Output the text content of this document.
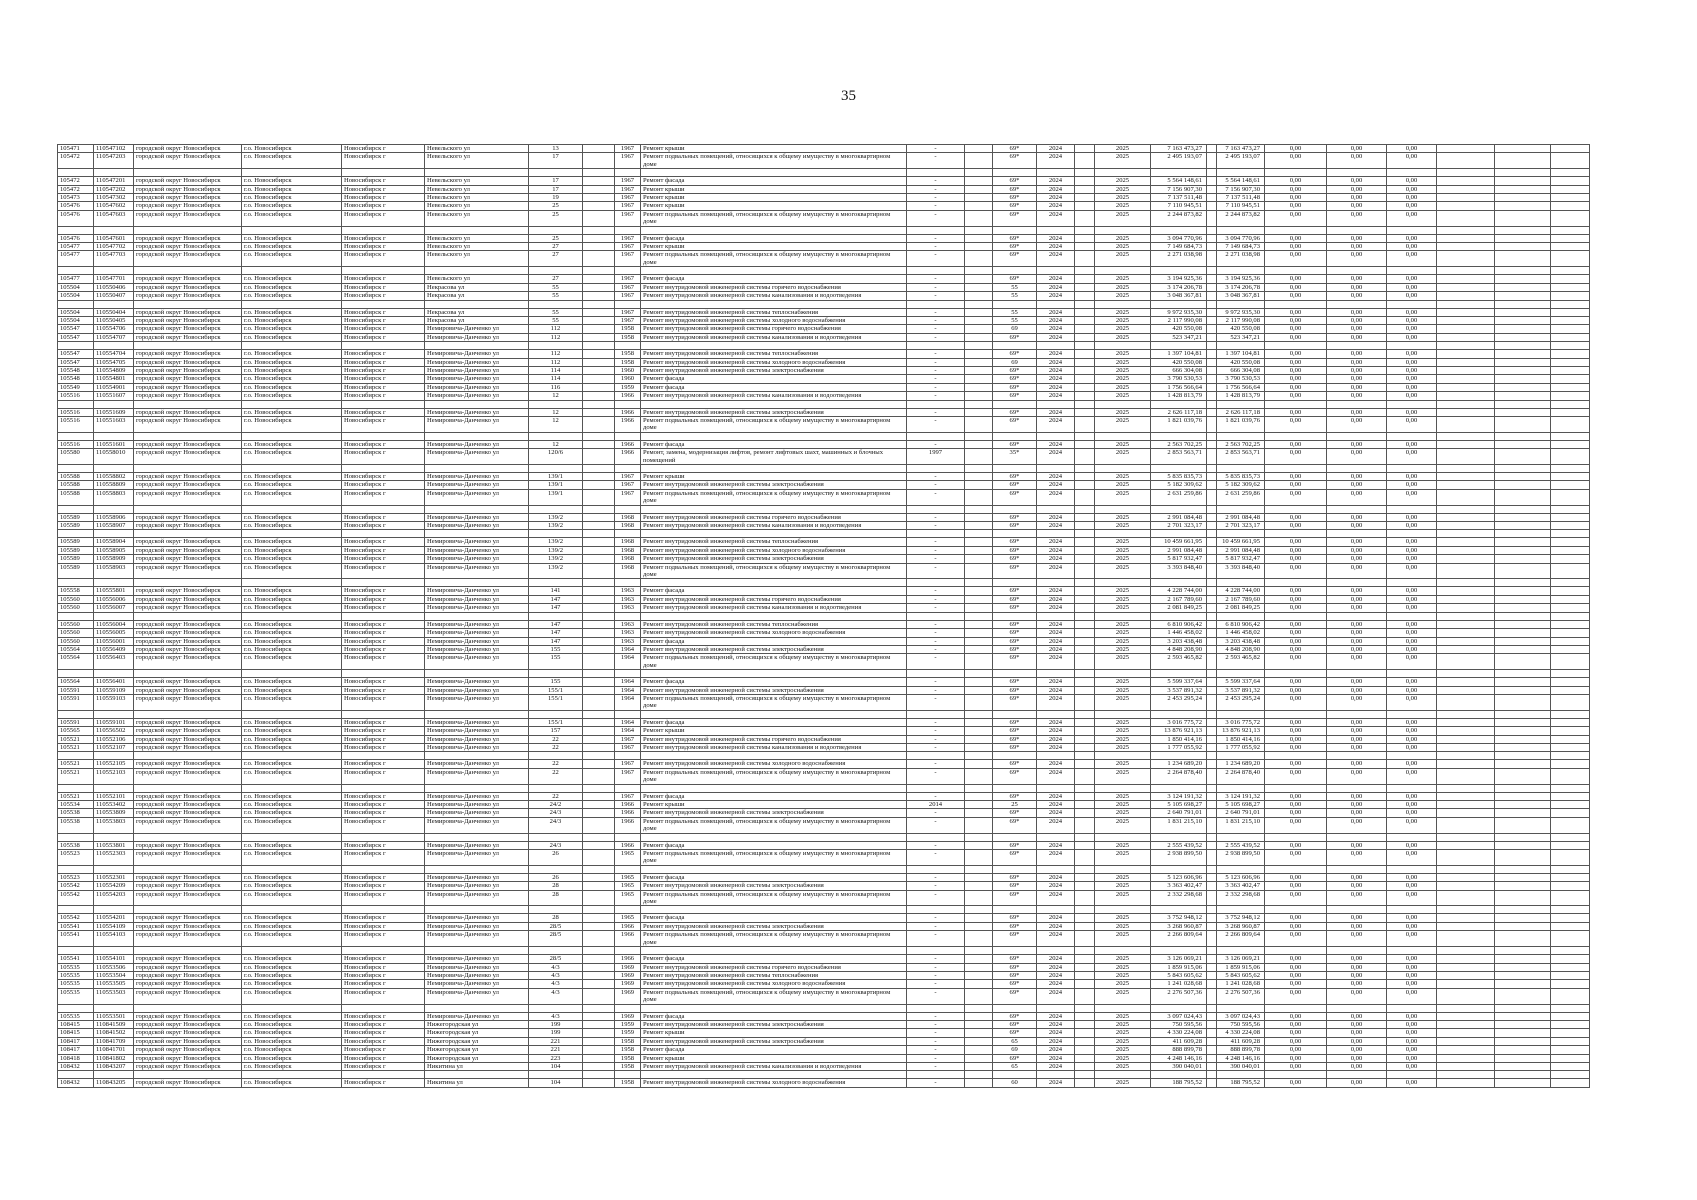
35
105471	110547102	городской округ Новосибирск	г.о. Новосибирск	Новосибирск г	Невельского ул	13		1967	Ремонт крыши	-		69*	2024		2025	7 163 473,27		7 163 473,27	0,00	0,00	0,00			
105472	110547203	городской округ Новосибирск	г.о. Новосибирск	Новосибирск г	Невельского ул	17		1967	Ремонт подвальных помещений, относящихся к общему имуществу в многоквартирном доме	-		69*	2024		2025	2 495 193,07		2 495 193,07	0,00	0,00	0,00			

105472	110547201	городской округ Новосибирск	г.о. Новосибирск	Новосибирск г	Невельского ул	17		1967	Ремонт фасада	-		69*	2024		2025	5 564 148,61		5 564 148,61	0,00	0,00	0,00			
105472	110547202	городской округ Новосибирск	г.о. Новосибирск	Новосибирск г	Невельского ул	17		1967	Ремонт крыши	-		69*	2024		2025	7 156 907,30		7 156 907,30	0,00	0,00	0,00			
105473	110547302	городской округ Новосибирск	г.о. Новосибирск	Новосибирск г	Невельского ул	19		1967	Ремонт крыши	-		69*	2024		2025	7 137 511,48		7 137 511,48	0,00	0,00	0,00			
105476	110547602	городской округ Новосибирск	г.о. Новосибирск	Новосибирск г	Невельского ул	25		1967	Ремонт крыши	-		69*	2024		2025	7 110 945,51		7 110 945,51	0,00	0,00	0,00			
105476	110547603	городской округ Новосибирск	г.о. Новосибирск	Новосибирск г	Невельского ул	25		1967	Ремонт подвальных помещений, относящихся к общему имуществу в многоквартирном доме	-		69*	2024		2025	2 244 873,82		2 244 873,82	0,00	0,00	0,00			

105476	110547601	городской округ Новосибирск	г.о. Новосибирск	Новосибирск г	Невельского ул	25		1967	Ремонт фасада	-		69*	2024		2025	3 094 770,96		3 094 770,96	0,00	0,00	0,00			
105477	110547702	городской округ Новосибирск	г.о. Новосибирск	Новосибирск г	Невельского ул	27		1967	Ремонт крыши	-		69*	2024		2025	7 149 684,73		7 149 684,73	0,00	0,00	0,00			
105477	110547703	городской округ Новосибирск	г.о. Новосибирск	Новосибирск г	Невельского ул	27		1967	Ремонт подвальных помещений, относящихся к общему имуществу в многоквартирном доме	-		69*	2024		2025	2 271 038,98		2 271 038,98	0,00	0,00	0,00			

105477	110547701	городской округ Новосибирск	г.о. Новосибирск	Новосибирск г	Невельского ул	27		1967	Ремонт фасада	-		69*	2024		2025	3 194 925,36		3 194 925,36	0,00	0,00	0,00			
105504	110550406	городской округ Новосибирск	г.о. Новосибирск	Новосибирск г	Некрасова ул	55		1967	Ремонт внутридомовой инженерной системы горячего водоснабжения	-		55	2024		2025	3 174 206,78		3 174 206,78	0,00	0,00	0,00			
105504	110550407	городской округ Новосибирск	г.о. Новосибирск	Новосибирск г	Некрасова ул	55		1967	Ремонт внутридомовой инженерной системы канализования и водоотведения	-		55	2024		2025	3 048 367,81		3 048 367,81	0,00	0,00	0,00			

105504	110550404	городской округ Новосибирск	г.о. Новосибирск	Новосибирск г	Некрасова ул	55		1967	Ремонт внутридомовой инженерной системы теплоснабжения	-		55	2024		2025	9 972 935,30		9 972 935,30	0,00	0,00	0,00			
105504	110550405	городской округ Новосибирск	г.о. Новосибирск	Новосибирск г	Некрасова ул	55		1967	Ремонт внутридомовой инженерной системы холодного водоснабжения	-		55	2024		2025	2 117 990,08		2 117 990,08	0,00	0,00	0,00			
105547	110554706	городской округ Новосибирск	г.о. Новосибирск	Новосибирск г	Немировича-Данченко ул	112		1958	Ремонт внутридомовой инженерной системы горячего водоснабжения	-		69	2024		2025	420 550,08		420 550,08	0,00	0,00	0,00			
105547	110554707	городской округ Новосибирск	г.о. Новосибирск	Новосибирск г	Немировича-Данченко ул	112		1958	Ремонт внутридомовой инженерной системы канализования и водоотведения	-		69*	2024		2025	523 347,21		523 347,21	0,00	0,00	0,00			

105547	110554704	городской округ Новосибирск	г.о. Новосибирск	Новосибирск г	Немировича-Данченко ул	112		1958	Ремонт внутридомовой инженерной системы теплоснабжения	-		69*	2024		2025	1 397 104,81		1 397 104,81	0,00	0,00	0,00			
105547	110554705	городской округ Новосибирск	г.о. Новосибирск	Новосибирск г	Немировича-Данченко ул	112		1958	Ремонт внутридомовой инженерной системы холодного водоснабжения	-		69	2024		2025	420 550,08		420 550,08	0,00	0,00	0,00			
105548	110554809	городской округ Новосибирск	г.о. Новосибирск	Новосибирск г	Немировича-Данченко ул	114		1960	Ремонт внутридомовой инженерной системы электроснабжения	-		69*	2024		2025	666 304,08		666 304,08	0,00	0,00	0,00			
105548	110554801	городской округ Новосибирск	г.о. Новосибирск	Новосибирск г	Немировича-Данченко ул	114		1960	Ремонт фасада	-		69*	2024		2025	3 790 530,53		3 790 530,53	0,00	0,00	0,00			
105549	110554901	городской округ Новосибирск	г.о. Новосибирск	Новосибирск г	Немировича-Данченко ул	116		1959	Ремонт фасада	-		69*	2024		2025	1 756 566,64		1 756 566,64	0,00	0,00	0,00			
105516	110551607	городской округ Новосибирск	г.о. Новосибирск	Новосибирск г	Немировича-Данченко ул	12		1966	Ремонт внутридомовой инженерной системы канализования и водоотведения	-		69*	2024		2025	1 428 813,79		1 428 813,79	0,00	0,00	0,00			

105516	110551609	городской округ Новосибирск	г.о. Новосибирск	Новосибирск г	Немировича-Данченко ул	12		1966	Ремонт внутридомовой инженерной системы электроснабжения	-		69*	2024		2025	2 626 117,18		2 626 117,18	0,00	0,00	0,00			
105516	110551603	городской округ Новосибирск	г.о. Новосибирск	Новосибирск г	Немировича-Данченко ул	12		1966	Ремонт подвальных помещений, относящихся к общему имуществу в многоквартирном доме	-		69*	2024		2025	1 821 039,76		1 821 039,76	0,00	0,00	0,00			

105516	110551601	городской округ Новосибирск	г.о. Новосибирск	Новосибирск г	Немировича-Данченко ул	12		1966	Ремонт фасада	-		69*	2024		2025	2 563 702,25		2 563 702,25	0,00	0,00	0,00			
105580	110558010	городской округ Новосибирск	г.о. Новосибирск	Новосибирск г	Немировича-Данченко ул	120/6		1966	Ремонт, замена, модернизация лифтов, ремонт лифтовых шахт, машинных и блочных помещений	1997		35*	2024		2025	2 853 563,71		2 853 563,71	0,00	0,00	0,00			

105588	110558802	городской округ Новосибирск	г.о. Новосибирск	Новосибирск г	Немировича-Данченко ул	139/1		1967	Ремонт крыши	-		69*	2024		2025	5 835 835,73		5 835 835,73	0,00	0,00	0,00			
105588	110558809	городской округ Новосибирск	г.о. Новосибирск	Новосибирск г	Немировича-Данченко ул	139/1		1967	Ремонт внутридомовой инженерной системы электроснабжения	-		69*	2024		2025	5 182 309,62		5 182 309,62	0,00	0,00	0,00			
105588	110558803	городской округ Новосибирск	г.о. Новосибирск	Новосибирск г	Немировича-Данченко ул	139/1		1967	Ремонт подвальных помещений, относящихся к общему имуществу в многоквартирном доме	-		69*	2024		2025	2 631 259,86		2 631 259,86	0,00	0,00	0,00			

105589	110558906	городской округ Новосибирск	г.о. Новосибирск	Новосибирск г	Немировича-Данченко ул	139/2		1968	Ремонт внутридомовой инженерной системы горячего водоснабжения	-		69*	2024		2025	2 991 084,48		2 991 084,48	0,00	0,00	0,00			
105589	110558907	городской округ Новосибирск	г.о. Новосибирск	Новосибирск г	Немировича-Данченко ул	139/2		1968	Ремонт внутридомовой инженерной системы канализования и водоотведения	-		69*	2024		2025	2 701 323,17		2 701 323,17	0,00	0,00	0,00			

105589	110558904	городской округ Новосибирск	г.о. Новосибирск	Новосибирск г	Немировича-Данченко ул	139/2		1968	Ремонт внутридомовой инженерной системы теплоснабжения	-		69*	2024		2025	10 459 661,95		10 459 661,95	0,00	0,00	0,00			
105589	110558905	городской округ Новосибирск	г.о. Новосибирск	Новосибирск г	Немировича-Данченко ул	139/2		1968	Ремонт внутридомовой инженерной системы холодного водоснабжения	-		69*	2024		2025	2 991 084,48		2 991 084,48	0,00	0,00	0,00			
105589	110558909	городской округ Новосибирск	г.о. Новосибирск	Новосибирск г	Немировича-Данченко ул	139/2		1968	Ремонт внутридомовой инженерной системы электроснабжения	-		69*	2024		2025	5 817 932,47		5 817 932,47	0,00	0,00	0,00			
105589	110558903	городской округ Новосибирск	г.о. Новосибирск	Новосибирск г	Немировича-Данченко ул	139/2		1968	Ремонт подвальных помещений, относящихся к общему имуществу в многоквартирном доме	-		69*	2024		2025	3 393 848,40		3 393 848,40	0,00	0,00	0,00			

105558	110555801	городской округ Новосибирск	г.о. Новосибирск	Новосибирск г	Немировича-Данченко ул	141		1963	Ремонт фасада	-		69*	2024		2025	4 228 744,00		4 228 744,00	0,00	0,00	0,00			
105560	110556006	городской округ Новосибирск	г.о. Новосибирск	Новосибирск г	Немировича-Данченко ул	147		1963	Ремонт внутридомовой инженерной системы горячего водоснабжения	-		69*	2024		2025	2 167 789,60		2 167 789,60	0,00	0,00	0,00			
105560	110556007	городской округ Новосибирск	г.о. Новосибирск	Новосибирск г	Немировича-Данченко ул	147		1963	Ремонт внутридомовой инженерной системы канализования и водоотведения	-		69*	2024		2025	2 081 849,25		2 081 849,25	0,00	0,00	0,00			

105560	110556004	городской округ Новосибирск	г.о. Новосибирск	Новосибирск г	Немировича-Данченко ул	147		1963	Ремонт внутридомовой инженерной системы теплоснабжения	-		69*	2024		2025	6 810 906,42		6 810 906,42	0,00	0,00	0,00			
105560	110556005	городской округ Новосибирск	г.о. Новосибирск	Новосибирск г	Немировича-Данченко ул	147		1963	Ремонт внутридомовой инженерной системы холодного водоснабжения	-		69*	2024		2025	1 446 458,02		1 446 458,02	0,00	0,00	0,00			
105560	110556001	городской округ Новосибирск	г.о. Новосибирск	Новосибирск г	Немировича-Данченко ул	147		1963	Ремонт фасада	-		69*	2024		2025	3 203 438,48		3 203 438,48	0,00	0,00	0,00			
105564	110556409	городской округ Новосибирск	г.о. Новосибирск	Новосибирск г	Немировича-Данченко ул	155		1964	Ремонт внутридомовой инженерной системы электроснабжения	-		69*	2024		2025	4 848 208,90		4 848 208,90	0,00	0,00	0,00			
105564	110556403	городской округ Новосибирск	г.о. Новосибирск	Новосибирск г	Немировича-Данченко ул	155		1964	Ремонт подвальных помещений, относящихся к общему имуществу в многоквартирном доме	-		69*	2024		2025	2 593 465,82		2 593 465,82	0,00	0,00	0,00			

105564	110556401	городской округ Новосибирск	г.о. Новосибирск	Новосибирск г	Немировича-Данченко ул	155		1964	Ремонт фасада	-		69*	2024		2025	5 599 337,64		5 599 337,64	0,00	0,00	0,00			
105591	110559109	городской округ Новосибирск	г.о. Новосибирск	Новосибирск г	Немировича-Данченко ул	155/1		1964	Ремонт внутридомовой инженерной системы электроснабжения	-		69*	2024		2025	3 537 891,32		3 537 891,32	0,00	0,00	0,00			
105591	110559103	городской округ Новосибирск	г.о. Новосибирск	Новосибирск г	Немировича-Данченко ул	155/1		1964	Ремонт подвальных помещений, относящихся к общему имуществу в многоквартирном доме	-		69*	2024		2025	2 453 295,24		2 453 295,24	0,00	0,00	0,00			

105591	110559101	городской округ Новосибирск	г.о. Новосибирск	Новосибирск г	Немировича-Данченко ул	155/1		1964	Ремонт фасада	-		69*	2024		2025	3 016 775,72		3 016 775,72	0,00	0,00	0,00			
105565	110556502	городской округ Новосибирск	г.о. Новосибирск	Новосибирск г	Немировича-Данченко ул	157		1964	Ремонт крыши	-		69*	2024		2025	13 876 921,13		13 876 921,13	0,00	0,00	0,00			
105521	110552106	городской округ Новосибирск	г.о. Новосибирск	Новосибирск г	Немировича-Данченко ул	22		1967	Ремонт внутридомовой инженерной системы горячего водоснабжения	-		69*	2024		2025	1 850 414,16		1 850 414,16	0,00	0,00	0,00			
105521	110552107	городской округ Новосибирск	г.о. Новосибирск	Новосибирск г	Немировича-Данченко ул	22		1967	Ремонт внутридомовой инженерной системы канализования и водоотведения	-		69*	2024		2025	1 777 055,92		1 777 055,92	0,00	0,00	0,00			

105521	110552105	городской округ Новосибирск	г.о. Новосибирск	Новосибирск г	Немировича-Данченко ул	22		1967	Ремонт внутридомовой инженерной системы холодного водоснабжения	-		69*	2024		2025	1 234 689,20		1 234 689,20	0,00	0,00	0,00			
105521	110552103	городской округ Новосибирск	г.о. Новосибирск	Новосибирск г	Немировича-Данченко ул	22		1967	Ремонт подвальных помещений, относящихся к общему имуществу в многоквартирном доме	-		69*	2024		2025	2 264 878,40		2 264 878,40	0,00	0,00	0,00			

105521	110552101	городской округ Новосибирск	г.о. Новосибирск	Новосибирск г	Немировича-Данченко ул	22		1967	Ремонт фасада	-		69*	2024		2025	3 124 191,32		3 124 191,32	0,00	0,00	0,00			
105534	110553402	городской округ Новосибирск	г.о. Новосибирск	Новосибирск г	Немировича-Данченко ул	24/2		1966	Ремонт крыши	2014		25	2024		2025	5 105 698,27		5 105 698,27	0,00	0,00	0,00			
105538	110553809	городской округ Новосибирск	г.о. Новосибирск	Новосибирск г	Немировича-Данченко ул	24/3		1966	Ремонт внутридомовой инженерной системы электроснабжения	-		69*	2024		2025	2 640 791,01		2 640 791,01	0,00	0,00	0,00			
105538	110553803	городской округ Новосибирск	г.о. Новосибирск	Новосибирск г	Немировича-Данченко ул	24/3		1966	Ремонт подвальных помещений, относящихся к общему имуществу в многоквартирном доме	-		69*	2024		2025	1 831 215,10		1 831 215,10	0,00	0,00	0,00			

105538	110553801	городской округ Новосибирск	г.о. Новосибирск	Новосибирск г	Немировича-Данченко ул	24/3		1966	Ремонт фасада	-		69*	2024		2025	2 555 439,52		2 555 439,52	0,00	0,00	0,00			
105523	110552303	городской округ Новосибирск	г.о. Новосибирск	Новосибирск г	Немировича-Данченко ул	26		1965	Ремонт подвальных помещений, относящихся к общему имуществу в многоквартирном доме	-		69*	2024		2025	2 938 899,50		2 938 899,50	0,00	0,00	0,00			

105523	110552301	городской округ Новосибирск	г.о. Новосибирск	Новосибирск г	Немировича-Данченко ул	26		1965	Ремонт фасада	-		69*	2024		2025	5 123 606,96		5 123 606,96	0,00	0,00	0,00			
105542	110554209	городской округ Новосибирск	г.о. Новосибирск	Новосибирск г	Немировича-Данченко ул	28		1965	Ремонт внутридомовой инженерной системы электроснабжения	-		69*	2024		2025	3 363 402,47		3 363 402,47	0,00	0,00	0,00			
105542	110554203	городской округ Новосибирск	г.о. Новосибирск	Новосибирск г	Немировича-Данченко ул	28		1965	Ремонт подвальных помещений, относящихся к общему имуществу в многоквартирном доме	-		69*	2024		2025	2 332 298,68		2 332 298,68	0,00	0,00	0,00			

105542	110554201	городской округ Новосибирск	г.о. Новосибирск	Новосибирск г	Немировича-Данченко ул	28		1965	Ремонт фасада	-		69*	2024		2025	3 752 948,12		3 752 948,12	0,00	0,00	0,00			
105541	110554109	городской округ Новосибирск	г.о. Новосибирск	Новосибирск г	Немировича-Данченко ул	28/5		1966	Ремонт внутридомовой инженерной системы электроснабжения	-		69*	2024		2025	3 268 960,87		3 268 960,87	0,00	0,00	0,00			
105541	110554103	городской округ Новосибирск	г.о. Новосибирск	Новосибирск г	Немировича-Данченко ул	28/5		1966	Ремонт подвальных помещений, относящихся к общему имуществу в многоквартирном доме	-		69*	2024		2025	2 266 809,64		2 266 809,64	0,00	0,00	0,00			

105541	110554101	городской округ Новосибирск	г.о. Новосибирск	Новосибирск г	Немировича-Данченко ул	28/5		1966	Ремонт фасада	-		69*	2024		2025	3 126 069,21		3 126 069,21	0,00	0,00	0,00			
105535	110553506	городской округ Новосибирск	г.о. Новосибирск	Новосибирск г	Немировича-Данченко ул	4/3		1969	Ремонт внутридомовой инженерной системы горячего водоснабжения	-		69*	2024		2025	1 859 915,06		1 859 915,06	0,00	0,00	0,00			
105535	110553504	городской округ Новосибирск	г.о. Новосибирск	Новосибирск г	Немировича-Данченко ул	4/3		1969	Ремонт внутридомовой инженерной системы теплоснабжения	-		69*	2024		2025	5 843 605,62		5 843 605,62	0,00	0,00	0,00			
105535	110553505	городской округ Новосибирск	г.о. Новосибирск	Новосибирск г	Немировича-Данченко ул	4/3		1969	Ремонт внутридомовой инженерной системы холодного водоснабжения	-		69*	2024		2025	1 241 028,68		1 241 028,68	0,00	0,00	0,00			
105535	110553503	городской округ Новосибирск	г.о. Новосибирск	Новосибирск г	Немировича-Данченко ул	4/3		1969	Ремонт подвальных помещений, относящихся к общему имуществу в многоквартирном доме	-		69*	2024		2025	2 276 507,36		2 276 507,36	0,00	0,00	0,00			

105535	110553501	городской округ Новосибирск	г.о. Новосибирск	Новосибирск г	Немировича-Данченко ул	4/3		1969	Ремонт фасада	-		69*	2024		2025	3 097 024,43		3 097 024,43	0,00	0,00	0,00			
108415	110841509	городской округ Новосибирск	г.о. Новосибирск	Новосибирск г	Нижегородская ул	199		1959	Ремонт внутридомовой инженерной системы электроснабжения	-		69*	2024		2025	750 595,56		750 595,56	0,00	0,00	0,00			
108415	110841502	городской округ Новосибирск	г.о. Новосибирск	Новосибирск г	Нижегородская ул	199		1959	Ремонт крыши	-		69*	2024		2025	4 330 224,08		4 330 224,08	0,00	0,00	0,00			
108417	110841709	городской округ Новосибирск	г.о. Новосибирск	Новосибирск г	Нижегородская ул	221		1958	Ремонт внутридомовой инженерной системы электроснабжения	-		65	2024		2025	411 609,28		411 609,28	0,00	0,00	0,00			
108417	110841701	городской округ Новосибирск	г.о. Новосибирск	Новосибирск г	Нижегородская ул	221		1958	Ремонт фасада	-		69	2024		2025	888 899,78		888 899,78	0,00	0,00	0,00			
108418	110841802	городской округ Новосибирск	г.о. Новосибирск	Новосибирск г	Нижегородская ул	223		1958	Ремонт крыши	-		69*	2024		2025	4 248 146,16		4 248 146,16	0,00	0,00	0,00			
108432	110843207	городской округ Новосибирск	г.о. Новосибирск	Новосибирск г	Никитина ул	104		1958	Ремонт внутридомовой инженерной системы канализования и водоотведения	-		65	2024		2025	390 040,01		390 040,01	0,00	0,00	0,00			

108432	110843205	городской округ Новосибирск	г.о. Новосибирск	Новосибирск г	Никитина ул	104		1958	Ремонт внутридомовой инженерной системы холодного водоснабжения	-		60	2024		2025	188 795,52		188 795,52	0,00	0,00	0,00			
